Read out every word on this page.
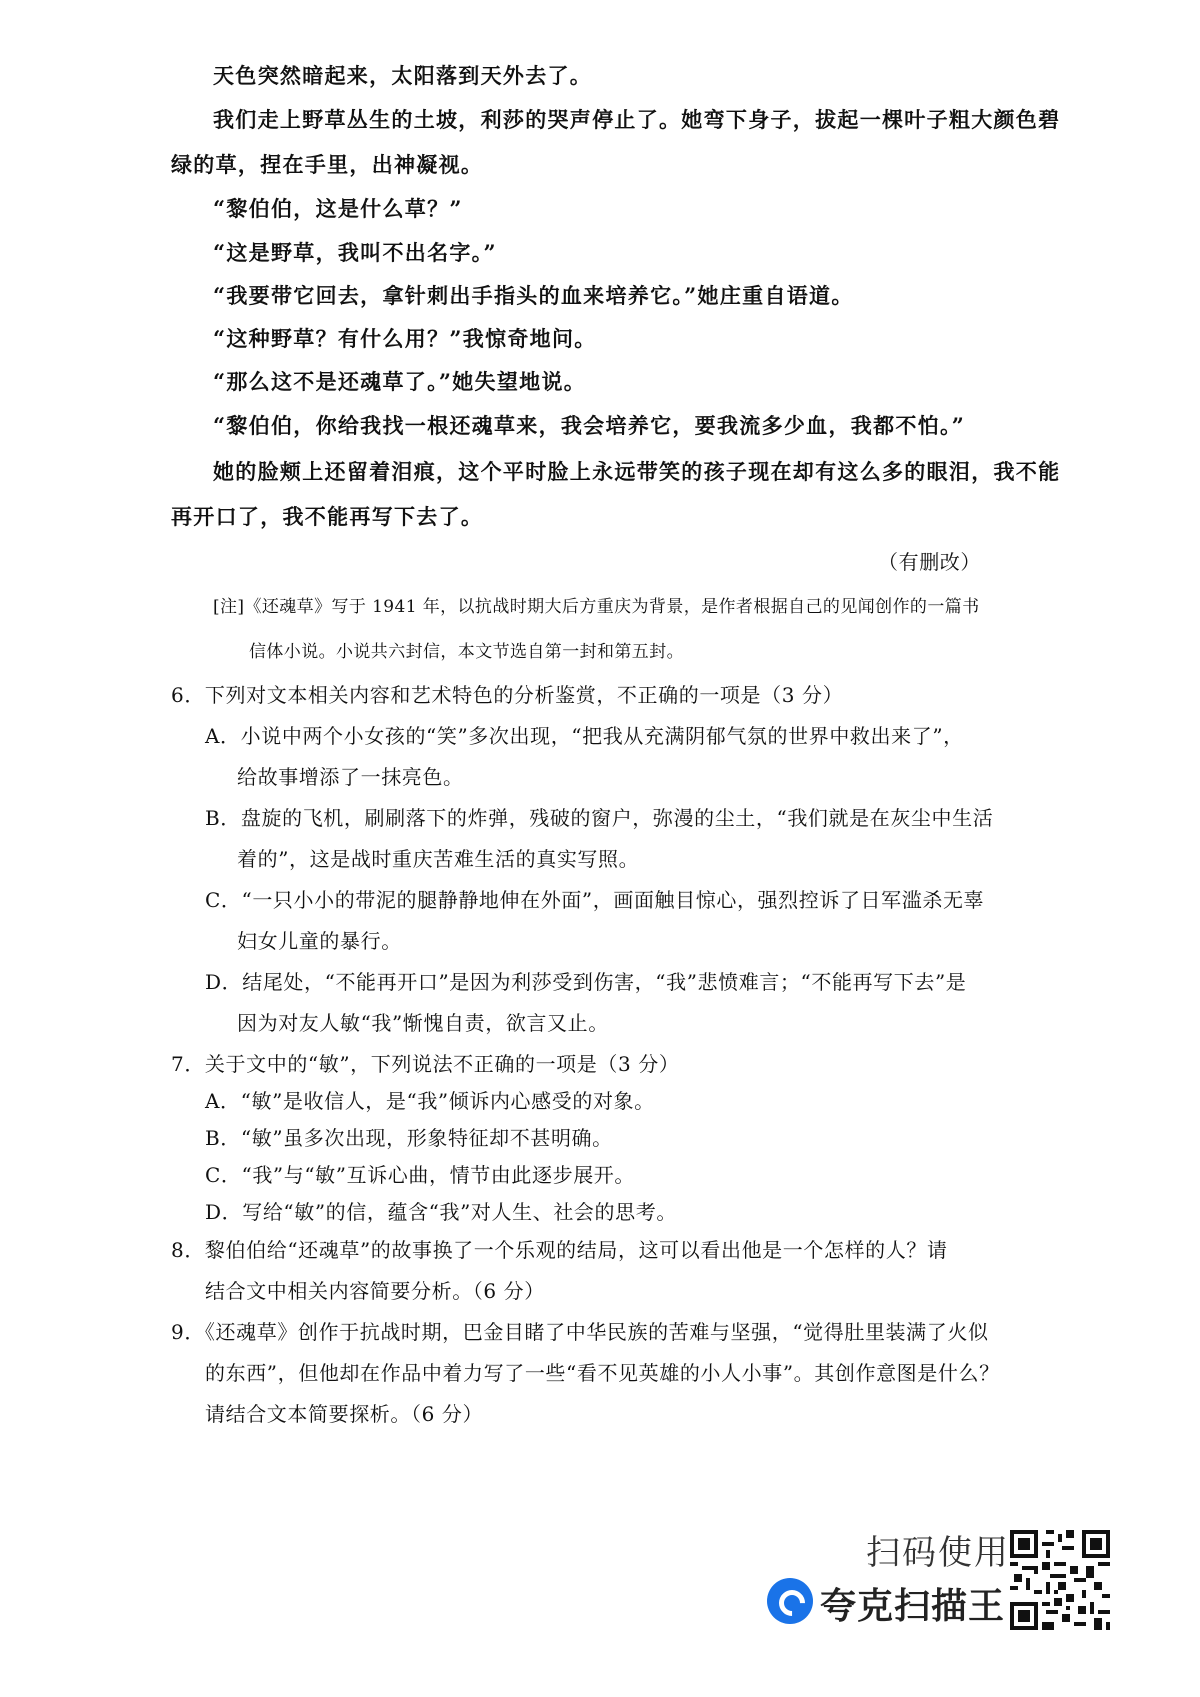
天色突然暗起来，太阳落到天外去了。
我们走上野草丛生的土坡，利莎的哭声停止了。她弯下身子，拔起一棵叶子粗大颜色碧
绿的草，捏在手里，出神凝视。
“黎伯伯，这是什么草？”
“这是野草，我叫不出名字。”
“我要带它回去，拿针刺出手指头的血来培养它。”她庄重自语道。
“这种野草？有什么用？”我惊奇地问。
“那么这不是还魂草了。”她失望地说。
“黎伯伯，你给我找一根还魂草来，我会培养它，要我流多少血，我都不怕。”
她的脸颊上还留着泪痕，这个平时脸上永远带笑的孩子现在却有这么多的眼泪，我不能
再开口了，我不能再写下去了。
（有删改）
[注]《还魂草》写于 1941 年，以抗战时期大后方重庆为背景，是作者根据自己的见闻创作的一篇书
信体小说。小说共六封信，本文节选自第一封和第五封。
6．下列对文本相关内容和艺术特色的分析鉴赏，不正确的一项是（3 分）
A．小说中两个小女孩的“笑”多次出现，“把我从充满阴郁气氛的世界中救出来了”，
给故事增添了一抹亮色。
B．盘旋的飞机，刷刷落下的炸弹，残破的窗户，弥漫的尘土，“我们就是在灰尘中生活
着的”，这是战时重庆苦难生活的真实写照。
C．“一只小小的带泥的腿静静地伸在外面”，画面触目惊心，强烈控诉了日军滥杀无辜
妇女儿童的暴行。
D．结尾处，“不能再开口”是因为利莎受到伤害，“我”悲愤难言；“不能再写下去”是
因为对友人敏“我”惭愧自责，欲言又止。
7．关于文中的“敏”，下列说法不正确的一项是（3 分）
A．“敏”是收信人，是“我”倾诉内心感受的对象。
B．“敏”虽多次出现，形象特征却不甚明确。
C．“我”与“敏”互诉心曲，情节由此逐步展开。
D．写给“敏”的信，蕴含“我”对人生、社会的思考。
8．黎伯伯给“还魂草”的故事换了一个乐观的结局，这可以看出他是一个怎样的人？请
结合文中相关内容简要分析。（6 分）
9．《还魂草》创作于抗战时期，巴金目睹了中华民族的苦难与坚强，“觉得肚里装满了火似
的东西”，但他却在作品中着力写了一些“看不见英雄的小人小事”。其创作意图是什么？
请结合文本简要探析。（6 分）
扫码使用
夸克扫描王
